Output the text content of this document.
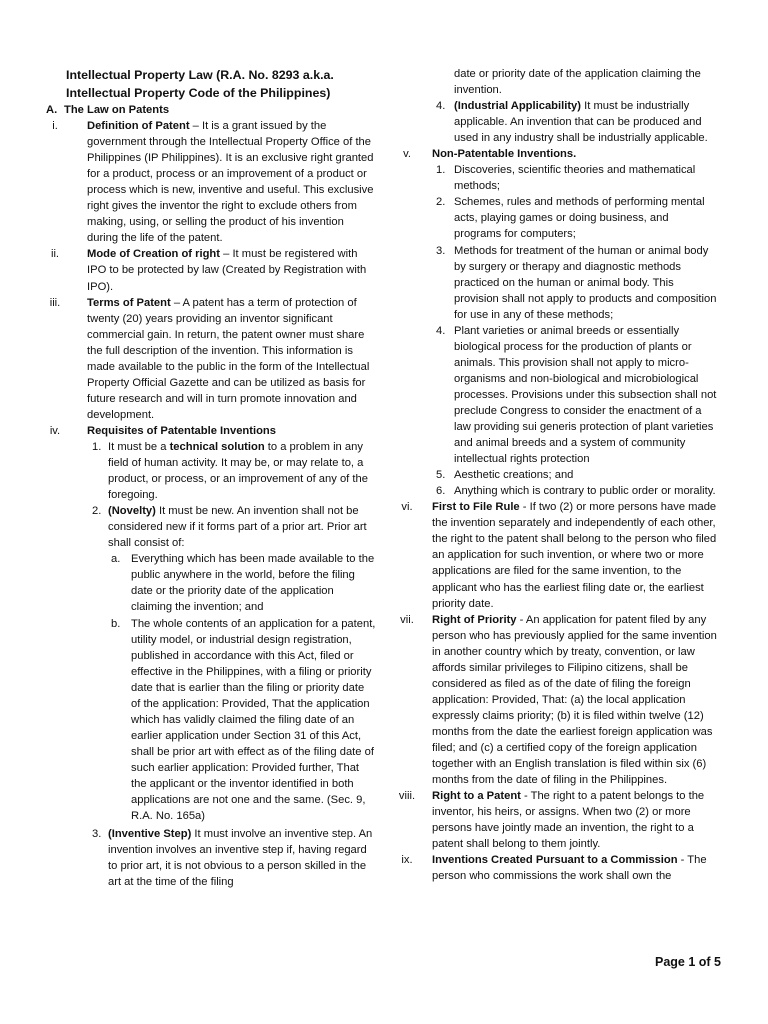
Intellectual Property Law (R.A. No. 8293 a.k.a.
Intellectual Property Code of the Philippines)
A. The Law on Patents
i.	Definition of Patent – It is a grant issued by the government through the Intellectual Property Office of the Philippines (IP Philippines). It is an exclusive right granted for a product, process or an improvement of a product or process which is new, inventive and useful. This exclusive right gives the inventor the right to exclude others from making, using, or selling the product of his invention during the life of the patent.
ii.	Mode of Creation of right – It must be registered with IPO to be protected by law (Created by Registration with IPO).
iii.	Terms of Patent – A patent has a term of protection of twenty (20) years providing an inventor significant commercial gain. In return, the patent owner must share the full description of the invention. This information is made available to the public in the form of the Intellectual Property Official Gazette and can be utilized as basis for future research and will in turn promote innovation and development.
iv.	Requisites of Patentable Inventions
1. It must be a technical solution to a problem in any field of human activity. It may be, or may relate to, a product, or process, or an improvement of any of the foregoing.
2. (Novelty) It must be new. An invention shall not be considered new if it forms part of a prior art. Prior art shall consist of:
a. Everything which has been made available to the public anywhere in the world, before the filing date or the priority date of the application claiming the invention; and
b. The whole contents of an application for a patent, utility model, or industrial design registration, published in accordance with this Act, filed or effective in the Philippines, with a filing or priority date that is earlier than the filing or priority date of the application: Provided, That the application which has validly claimed the filing date of an earlier application under Section 31 of this Act, shall be prior art with effect as of the filing date of such earlier application: Provided further, That the applicant or the inventor identified in both applications are not one and the same. (Sec. 9, R.A. No. 165a)
3. (Inventive Step) It must involve an inventive step. An invention involves an inventive step if, having regard to prior art, it is not obvious to a person skilled in the art at the time of the filing
date or priority date of the application claiming the invention.
4. (Industrial Applicability) It must be industrially applicable. An invention that can be produced and used in any industry shall be industrially applicable.
v.	Non-Patentable Inventions.
1. Discoveries, scientific theories and mathematical methods;
2. Schemes, rules and methods of performing mental acts, playing games or doing business, and programs for computers;
3. Methods for treatment of the human or animal body by surgery or therapy and diagnostic methods practiced on the human or animal body. This provision shall not apply to products and composition for use in any of these methods;
4. Plant varieties or animal breeds or essentially biological process for the production of plants or animals. This provision shall not apply to micro-organisms and non-biological and microbiological processes. Provisions under this subsection shall not preclude Congress to consider the enactment of a law providing sui generis protection of plant varieties and animal breeds and a system of community intellectual rights protection
5. Aesthetic creations; and
6. Anything which is contrary to public order or morality.
vi.	First to File Rule - If two (2) or more persons have made the invention separately and independently of each other, the right to the patent shall belong to the person who filed an application for such invention, or where two or more applications are filed for the same invention, to the applicant who has the earliest filing date or, the earliest priority date.
vii.	Right of Priority - An application for patent filed by any person who has previously applied for the same invention in another country which by treaty, convention, or law affords similar privileges to Filipino citizens, shall be considered as filed as of the date of filing the foreign application: Provided, That: (a) the local application expressly claims priority; (b) it is filed within twelve (12) months from the date the earliest foreign application was filed; and (c) a certified copy of the foreign application together with an English translation is filed within six (6) months from the date of filing in the Philippines.
viii. Right to a Patent - The right to a patent belongs to the inventor, his heirs, or assigns. When two (2) or more persons have jointly made an invention, the right to a patent shall belong to them jointly.
ix.	Inventions Created Pursuant to a Commission - The person who commissions the work shall own the
Page 1 of 5
